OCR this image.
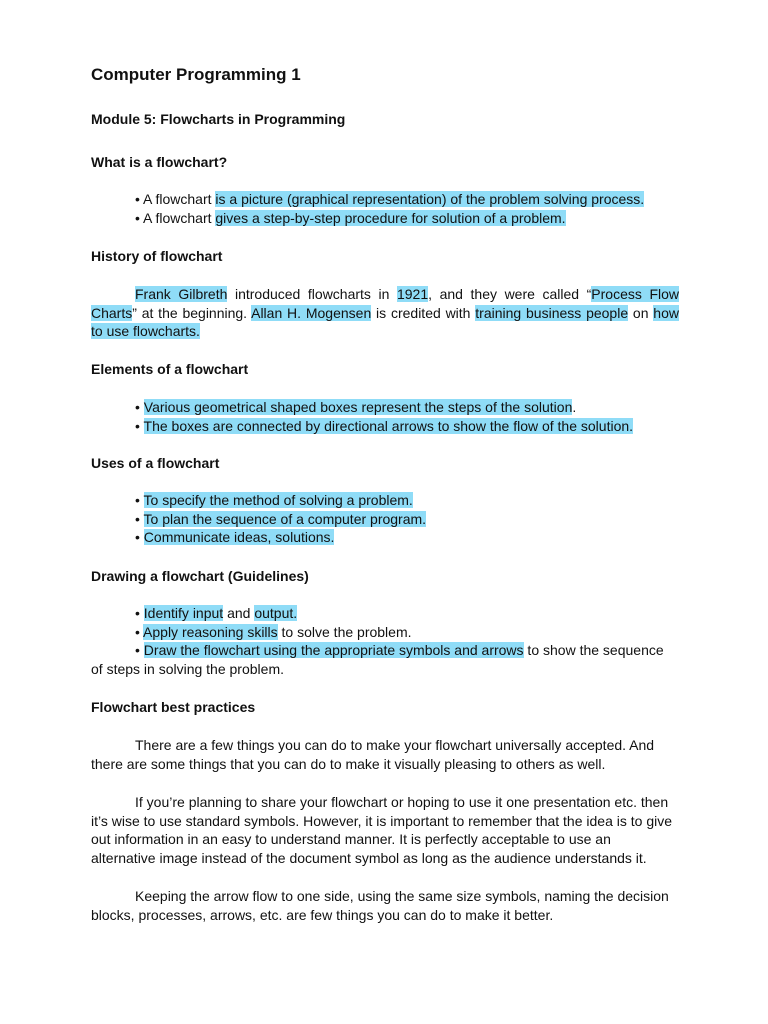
Computer Programming 1
Module 5: Flowcharts in Programming
What is a flowchart?
• A flowchart is a picture (graphical representation) of the problem solving process.
• A flowchart gives a step-by-step procedure for solution of a problem.
History of flowchart

Frank Gilbreth introduced flowcharts in 1921, and they were called “Process Flow Charts” at the beginning. Allan H. Mogensen is credited with training business people on how to use flowcharts.

Elements of a flowchart
• Various geometrical shaped boxes represent the steps of the solution.
• The boxes are connected by directional arrows to show the flow of the solution.
Uses of a flowchart
• To specify the method of solving a problem.
• To plan the sequence of a computer program.
• Communicate ideas, solutions.
Drawing a flowchart (Guidelines)
• Identify input and output.
• Apply reasoning skills to solve the problem.
• Draw the flowchart using the appropriate symbols and arrows to show the sequence of steps in solving the problem.
Flowchart best practices

There are a few things you can do to make your flowchart universally accepted. And there are some things that you can do to make it visually pleasing to others as well.

If you’re planning to share your flowchart or hoping to use it one presentation etc. then it’s wise to use standard symbols. However, it is important to remember that the idea is to give out information in an easy to understand manner. It is perfectly acceptable to use an alternative image instead of the document symbol as long as the audience understands it.

Keeping the arrow flow to one side, using the same size symbols, naming the decision blocks, processes, arrows, etc. are few things you can do to make it better.
